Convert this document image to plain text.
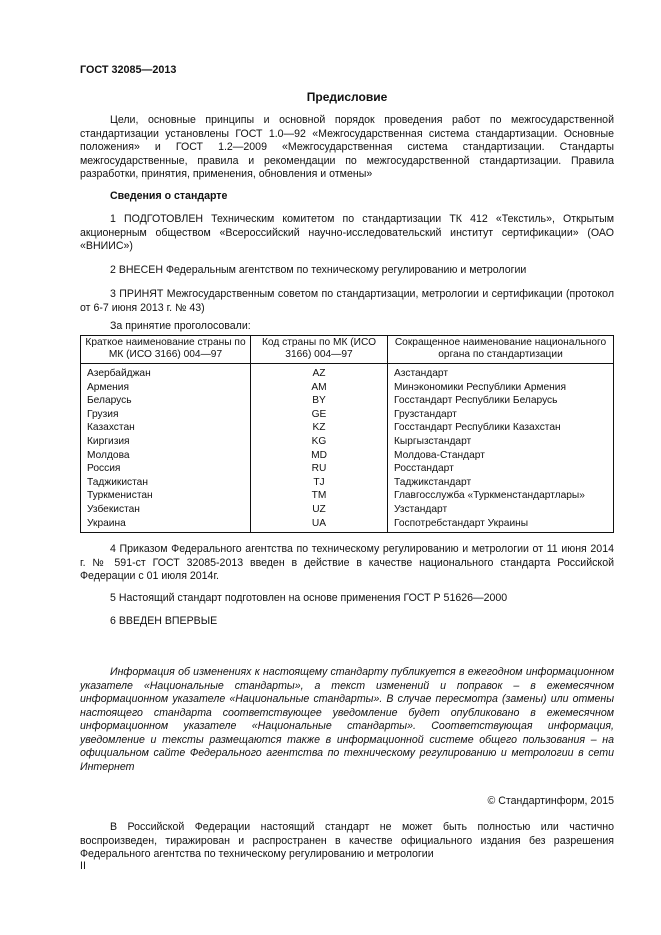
ГОСТ 32085—2013
Предисловие
Цели, основные принципы и основной порядок проведения работ по межгосударственной стандартизации установлены ГОСТ 1.0—92 «Межгосударственная система стандартизации. Основные положения» и ГОСТ 1.2—2009 «Межгосударственная система стандартизации. Стандарты межгосударственные, правила и рекомендации по межгосударственной стандартизации. Правила разработки, принятия, применения, обновления и отмены»
Сведения о стандарте
1 ПОДГОТОВЛЕН Техническим комитетом по стандартизации ТК 412 «Текстиль», Открытым акционерным обществом «Всероссийский научно-исследовательский институт сертификации» (ОАО «ВНИИС»)
2 ВНЕСЕН Федеральным агентством по техническому регулированию и метрологии
3 ПРИНЯТ Межгосударственным советом по стандартизации, метрологии и сертификации (протокол от 6-7 июня 2013 г. № 43)
За принятие проголосовали:
Краткое наименование страны по МК (ИСО 3166) 004—97	Код страны по МК (ИСО 3166) 004—97	Сокращенное наименование национального органа по стандартизации
Азербайджан	AZ	Азстандарт
Армения	AM	Минэкономики Республики Армения
Беларусь	BY	Госстандарт Республики Беларусь
Грузия	GE	Грузстандарт
Казахстан	KZ	Госстандарт Республики Казахстан
Киргизия	KG	Кыргызстандарт
Молдова	MD	Молдова-Стандарт
Россия	RU	Росстандарт
Таджикистан	TJ	Таджикстандарт
Туркменистан	TM	Главгосслужба «Туркменстандартлары»
Узбекистан	UZ	Узстандарт
Украина	UA	Госпотребстандарт Украины
4 Приказом Федерального агентства по техническому регулированию и метрологии от 11 июня 2014 г. № 591-ст ГОСТ 32085-2013 введен в действие в качестве национального стандарта Российской Федерации с 01 июля 2014г.
5 Настоящий стандарт подготовлен на основе применения ГОСТ Р 51626—2000
6 ВВЕДЕН ВПЕРВЫЕ
Информация об изменениях к настоящему стандарту публикуется в ежегодном информационном указателе «Национальные стандарты», а текст изменений и поправок – в ежемесячном информационном указателе «Национальные стандарты». В случае пересмотра (замены) или отмены настоящего стандарта соответствующее уведомление будет опубликовано в ежемесячном информационном указателе «Национальные стандарты». Соответствующая информация, уведомление и тексты размещаются также в информационной системе общего пользования – на официальном сайте Федерального агентства по техническому регулированию и метрологии в сети Интернет
© Стандартинформ, 2015
В Российской Федерации настоящий стандарт не может быть полностью или частично воспроизведен, тиражирован и распространен в качестве официального издания без разрешения Федерального агентства по техническому регулированию и метрологии
II
